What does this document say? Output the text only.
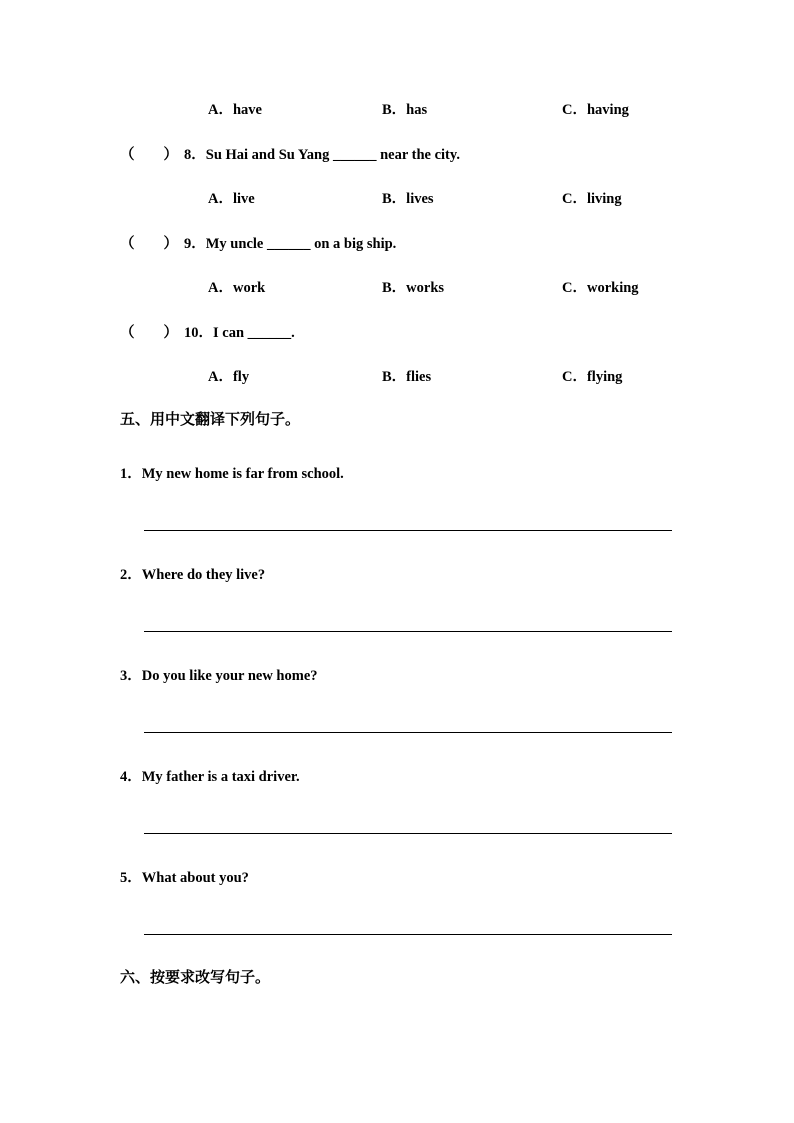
A．have	B．has	C．having
（　　） 8．Su Hai and Su Yang ______ near the city.
A．live	B．lives	C．living
（　　） 9．My uncle ______ on a big ship.
A．work	B．works	C．working
（　　） 10．I can ______.
A．fly	B．flies	C．flying
五、用中文翻译下列句子。
1．My new home is far from school.
2．Where do they live?
3．Do you like your new home?
4．My father is a taxi driver.
5．What about you?
六、按要求改写句子。
